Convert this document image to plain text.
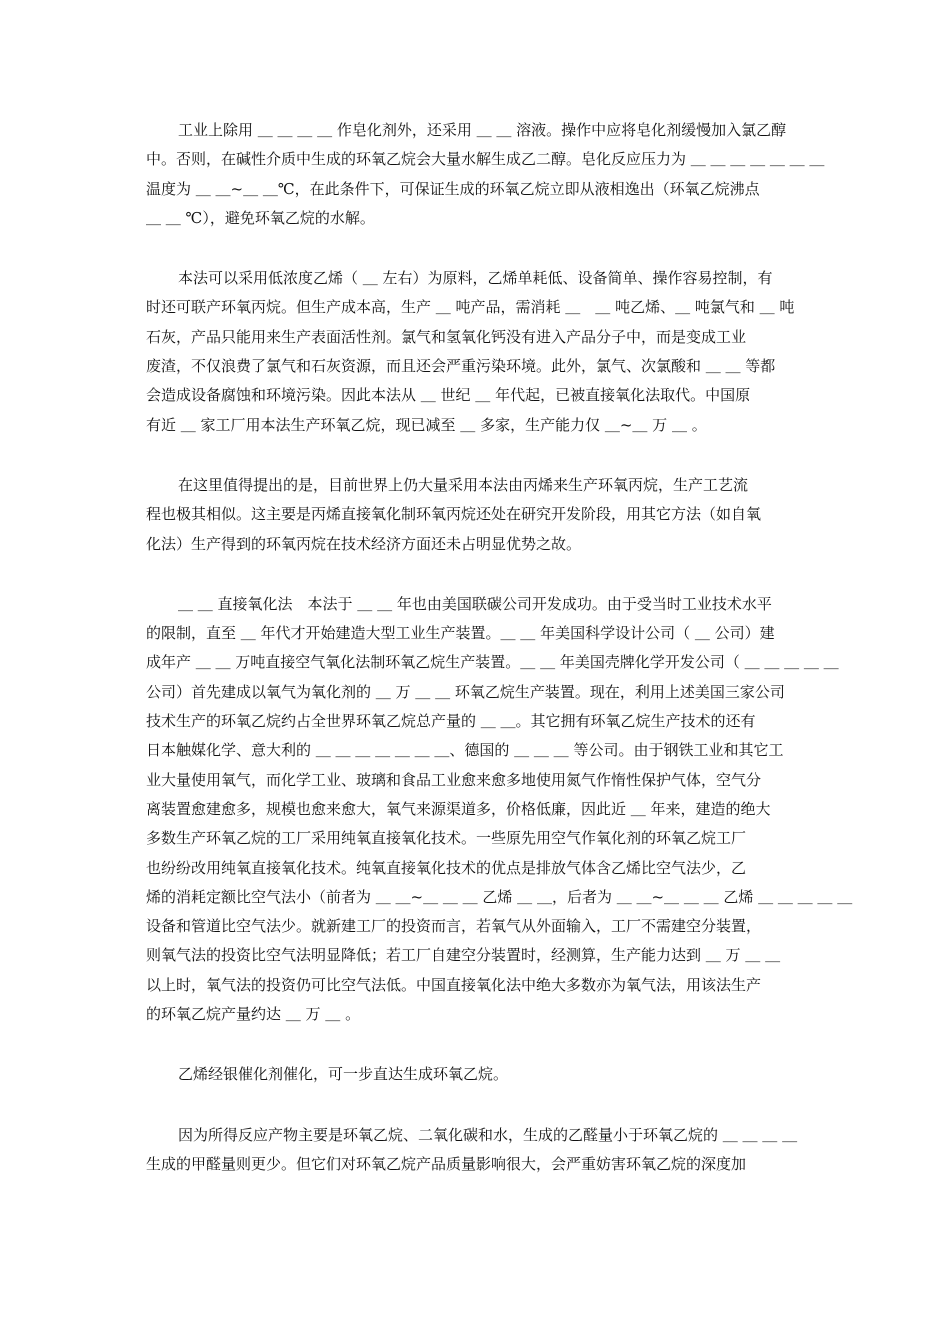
工业上除用 ＿ ＿ ＿ ＿ 作皂化剂外，还采用 ＿ ＿ 溶液。操作中应将皂化剂缓慢加入氯乙醇
中。否则，在碱性介质中生成的环氧乙烷会大量水解生成乙二醇。皂化反应压力为 ＿ ＿ ＿ ＿ ＿ ＿ ＿
温度为 ＿ ＿~＿ ＿℃，在此条件下，可保证生成的环氧乙烷立即从液相逸出（环氧乙烷沸点
＿ ＿ ℃），避免环氧乙烷的水解。
本法可以采用低浓度乙烯（ ＿ 左右）为原料，乙烯单耗低、设备简单、操作容易控制，有
时还可联产环氧丙烷。但生产成本高，生产 ＿ 吨产品，需消耗 ＿　＿ 吨乙烯、＿ 吨氯气和 ＿ 吨
石灰，产品只能用来生产表面活性剂。氯气和氢氧化钙没有进入产品分子中，而是变成工业
废渣，不仅浪费了氯气和石灰资源，而且还会严重污染环境。此外，氯气、次氯酸和 ＿ ＿ 等都
会造成设备腐蚀和环境污染。因此本法从 ＿ 世纪 ＿ 年代起，已被直接氧化法取代。中国原
有近 ＿ 家工厂用本法生产环氧乙烷，现已减至 ＿ 多家，生产能力仅 ＿~＿ 万 ＿ 。
在这里值得提出的是，目前世界上仍大量采用本法由丙烯来生产环氧丙烷，生产工艺流
程也极其相似。这主要是丙烯直接氧化制环氧丙烷还处在研究开发阶段，用其它方法（如自氧
化法）生产得到的环氧丙烷在技术经济方面还未占明显优势之故。
＿ ＿ 直接氧化法　本法于 ＿ ＿ 年也由美国联碳公司开发成功。由于受当时工业技术水平
的限制，直至 ＿ 年代才开始建造大型工业生产装置。＿ ＿ 年美国科学设计公司（ ＿ 公司）建
成年产 ＿ ＿ 万吨直接空气氧化法制环氧乙烷生产装置。＿ ＿ 年美国壳牌化学开发公司（ ＿ ＿ ＿ ＿ ＿
公司）首先建成以氧气为氧化剂的 ＿ 万 ＿ ＿ 环氧乙烷生产装置。现在，利用上述美国三家公司
技术生产的环氧乙烷约占全世界环氧乙烷总产量的 ＿ ＿。其它拥有环氧乙烷生产技术的还有
日本触媒化学、意大利的 ＿ ＿ ＿ ＿ ＿ ＿ ＿、德国的 ＿ ＿ ＿ 等公司。由于钢铁工业和其它工
业大量使用氧气，而化学工业、玻璃和食品工业愈来愈多地使用氮气作惰性保护气体，空气分
离装置愈建愈多，规模也愈来愈大，氧气来源渠道多，价格低廉，因此近 ＿ 年来，建造的绝大
多数生产环氧乙烷的工厂采用纯氧直接氧化技术。一些原先用空气作氧化剂的环氧乙烷工厂
也纷纷改用纯氧直接氧化技术。纯氧直接氧化技术的优点是排放气体含乙烯比空气法少，乙
烯的消耗定额比空气法小（前者为 ＿ ＿~＿ ＿ ＿ 乙烯 ＿ ＿，后者为 ＿ ＿~＿ ＿ ＿ 乙烯 ＿ ＿ ＿ ＿ ＿
设备和管道比空气法少。就新建工厂的投资而言，若氧气从外面输入，工厂不需建空分装置，
则氧气法的投资比空气法明显降低；若工厂自建空分装置时，经测算，生产能力达到 ＿ 万 ＿ ＿
以上时，氧气法的投资仍可比空气法低。中国直接氧化法中绝大多数亦为氧气法，用该法生产
的环氧乙烷产量约达 ＿ 万 ＿ 。
乙烯经银催化剂催化，可一步直达生成环氧乙烷。　
因为所得反应产物主要是环氧乙烷、二氧化碳和水，生成的乙醛量小于环氧乙烷的 ＿ ＿ ＿ ＿
生成的甲醛量则更少。但它们对环氧乙烷产品质量影响很大，会严重妨害环氧乙烷的深度加
